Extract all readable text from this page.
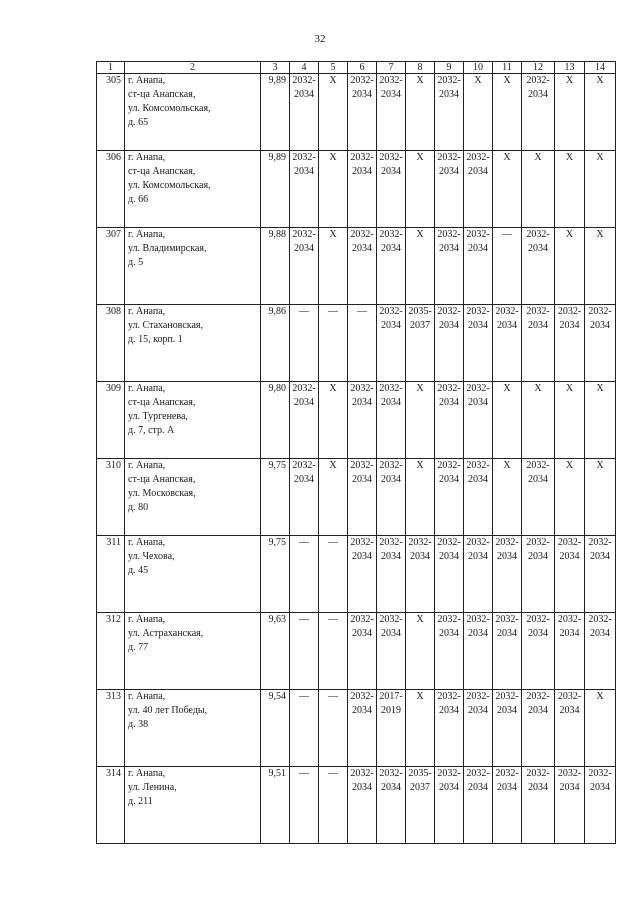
32
1	2	3	4	5	6	7	8	9	10	11	12	13	14
305	г. Анапа,
ст-ца Анапская,
ул. Комсомольская,
д. 65	9,89	2032- 2034	X	2032- 2034	2032- 2034	X	2032- 2034	X	X	2032- 2034	X	X
306	г. Анапа,
ст-ца Анапская,
ул. Комсомольская,
д. 66	9,89	2032- 2034	X	2032- 2034	2032- 2034	X	2032- 2034	2032- 2034	X	X	X	X
307	г. Анапа,
ул. Владимирская,
д. 5	9,88	2032- 2034	X	2032- 2034	2032- 2034	X	2032- 2034	2032- 2034	—	2032- 2034	X	X
308	г. Анапа,
ул. Стахановская,
д. 15, корп. 1	9,86	—	—	—	2032- 2034	2035- 2037	2032- 2034	2032- 2034	2032- 2034	2032- 2034	2032- 2034	2032- 2034
309	г. Анапа,
ст-ца Анапская,
ул. Тургенева,
д. 7, стр. А	9,80	2032- 2034	X	2032- 2034	2032- 2034	X	2032- 2034	2032- 2034	X	X	X	X
310	г. Анапа,
ст-ца Анапская,
ул. Московская,
д. 80	9,75	2032- 2034	X	2032- 2034	2032- 2034	X	2032- 2034	2032- 2034	X	2032- 2034	X	X
311	г. Анапа,
ул. Чехова,
д. 45	9,75	—	—	2032- 2034	2032- 2034	2032- 2034	2032- 2034	2032- 2034	2032- 2034	2032- 2034	2032- 2034	2032- 2034
312	г. Анапа,
ул. Астраханская,
д. 77	9,63	—	—	2032- 2034	2032- 2034	X	2032- 2034	2032- 2034	2032- 2034	2032- 2034	2032- 2034	2032- 2034
313	г. Анапа,
ул. 40 лет Победы,
д. 38	9,54	—	—	2032- 2034	2017- 2019	X	2032- 2034	2032- 2034	2032- 2034	2032- 2034	2032- 2034	X
314	г. Анапа,
ул. Ленина,
д. 211	9,51	—	—	2032- 2034	2032- 2034	2035- 2037	2032- 2034	2032- 2034	2032- 2034	2032- 2034	2032- 2034	2032- 2034
